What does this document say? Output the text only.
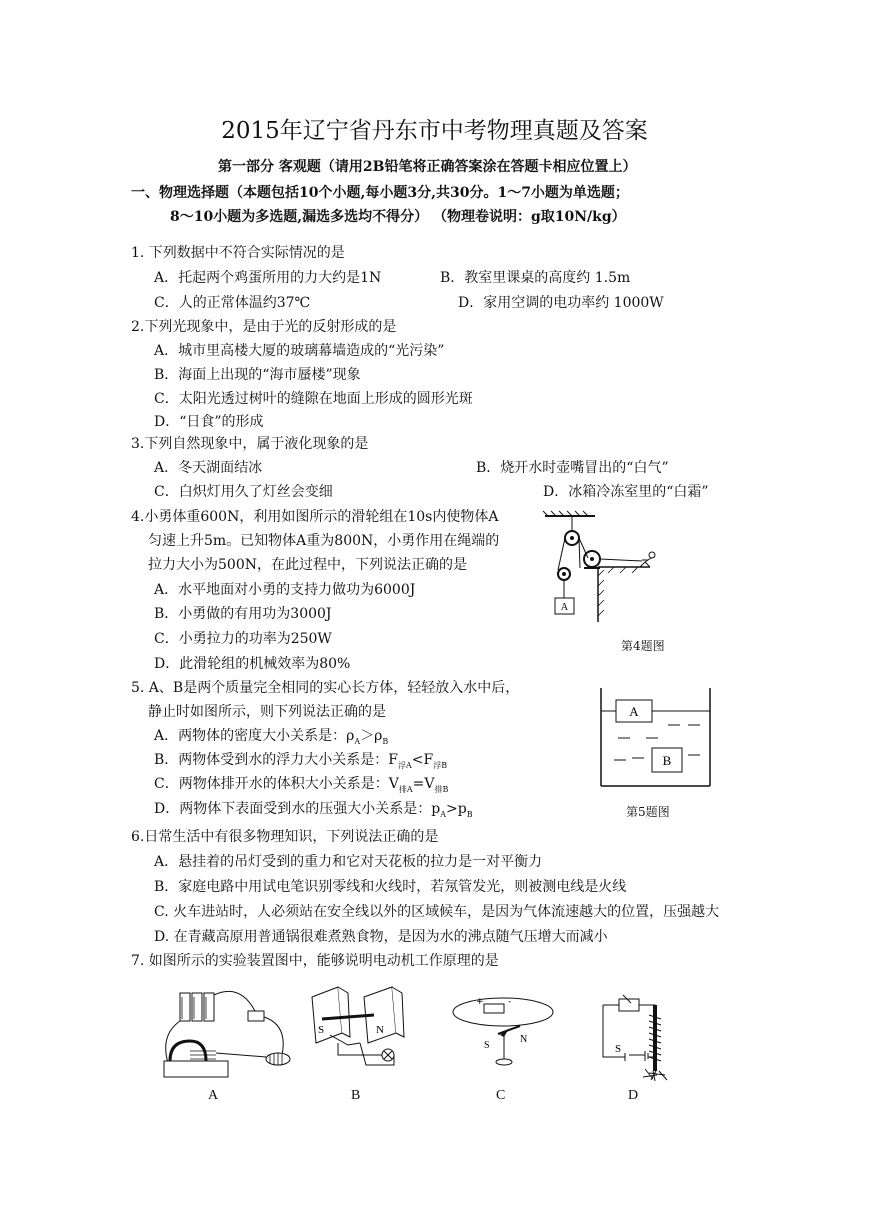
2015年辽宁省丹东市中考物理真题及答案
第一部分 客观题（请用2B铅笔将正确答案涂在答题卡相应位置上）
一、物理选择题（本题包括10个小题,每小题3分,共30分。1～7小题为单选题；
8～10小题为多选题,漏选多选均不得分） （物理卷说明：g取10N/kg）
1. 下列数据中不符合实际情况的是
A．托起两个鸡蛋所用的力大约是1N	B．教室里课桌的高度约 1.5m
C．人的正常体温约37℃	D．家用空调的电功率约 1000W
2.下列光现象中，是由于光的反射形成的是
A．城市里高楼大厦的玻璃幕墙造成的“光污染”
B．海面上出现的“海市蜃楼”现象
C．太阳光透过树叶的缝隙在地面上形成的圆形光斑
D．“日食”的形成
3.下列自然现象中，属于液化现象的是
A．冬天湖面结冰	B．烧开水时壶嘴冒出的“白气”
C．白炽灯用久了灯丝会变细	D．冰箱冷冻室里的“白霜”
4.小勇体重600N，利用如图所示的滑轮组在10s内使物体A
匀速上升5m。已知物体A重为800N，小勇作用在绳端的
拉力大小为500N，在此过程中，下列说法正确的是
A．水平地面对小勇的支持力做功为6000J
B．小勇做的有用功为3000J
C．小勇拉力的功率为250W
D．此滑轮组的机械效率为80%
A
第4题图
5. A、B是两个质量完全相同的实心长方体，轻轻放入水中后，
静止时如图所示，则下列说法正确的是
A．两物体的密度大小关系是：$\rho_A>\rho_B$
B．两物体受到水的浮力大小关系是：$F_{浮A}<F_{浮B}$
C．两物体排开水的体积大小关系是：$V_{排A}=V_{排B}$
D．两物体下表面受到水的压强大小关系是：$p_A>p_B$
A
B
第5题图
6.日常生活中有很多物理知识，下列说法正确的是
A．悬挂着的吊灯受到的重力和它对天花板的拉力是一对平衡力
B．家庭电路中用试电笔识别零线和火线时，若氖管发光，则被测电线是火线
C. 火车进站时，人必须站在安全线以外的区域候车，是因为气体流速越大的位置，压强越大
D. 在青藏高原用普通锅很难煮熟食物，是因为水的沸点随气压增大而减小
7. 如图所示的实验装置图中，能够说明电动机工作原理的是
S	N
+	-
S
N
S
A	B	C	D
